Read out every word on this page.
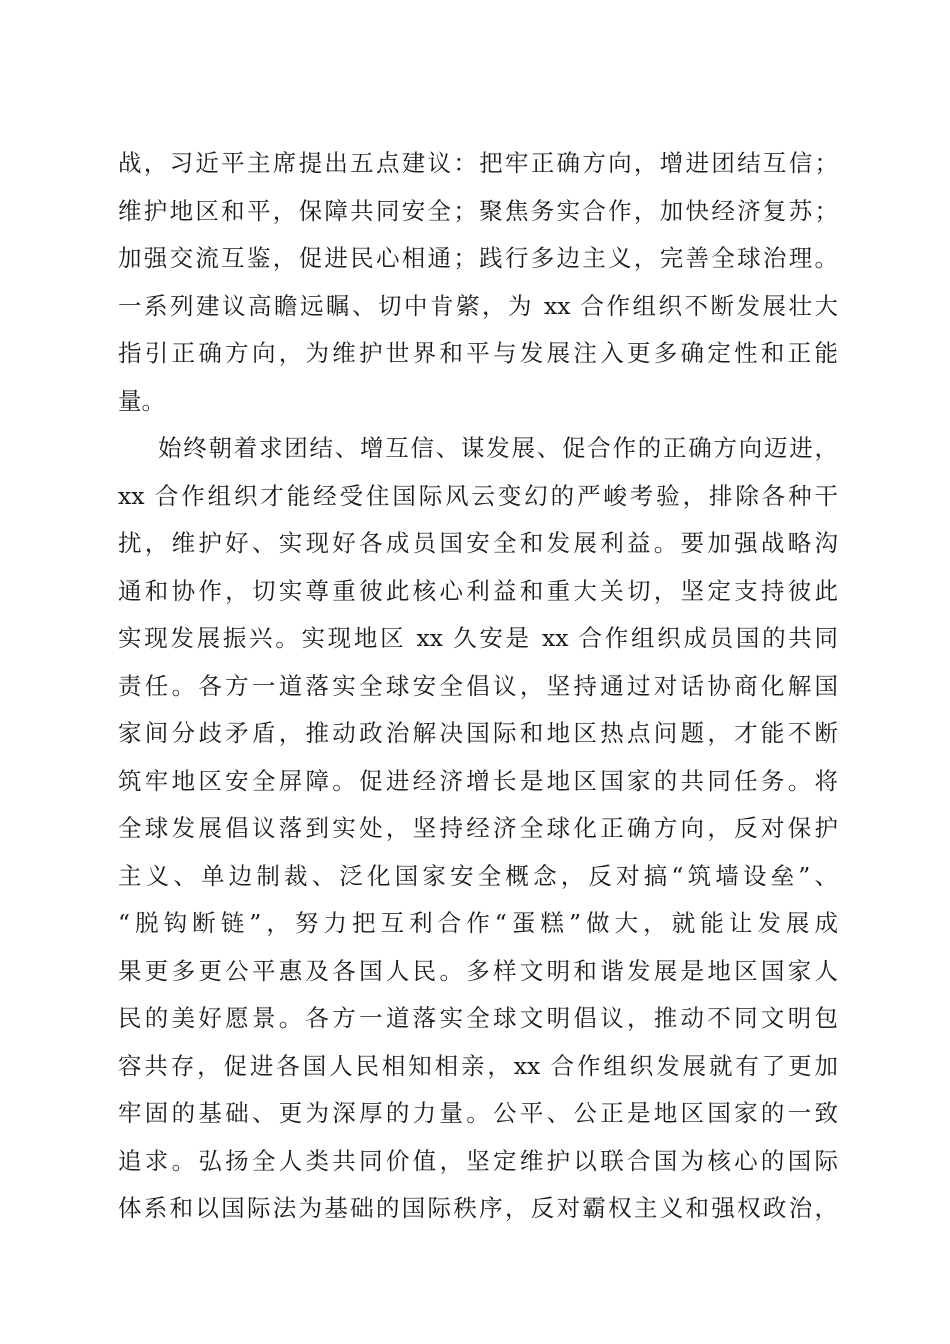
战，习近平主席提出五点建议：把牢正确方向，增进团结互信；
维护地区和平，保障共同安全；聚焦务实合作，加快经济复苏；
加强交流互鉴，促进民心相通；践行多边主义，完善全球治理。
一系列建议高瞻远瞩、切中肯綮，为 xx 合作组织不断发展壮大
指引正确方向，为维护世界和平与发展注入更多确定性和正能
量。
始终朝着求团结、增互信、谋发展、促合作的正确方向迈进，
xx 合作组织才能经受住国际风云变幻的严峻考验，排除各种干
扰，维护好、实现好各成员国安全和发展利益。要加强战略沟
通和协作，切实尊重彼此核心利益和重大关切，坚定支持彼此
实现发展振兴。实现地区 xx 久安是 xx 合作组织成员国的共同
责任。各方一道落实全球安全倡议，坚持通过对话协商化解国
家间分歧矛盾，推动政治解决国际和地区热点问题，才能不断
筑牢地区安全屏障。促进经济增长是地区国家的共同任务。将
全球发展倡议落到实处，坚持经济全球化正确方向，反对保护
主义、单边制裁、泛化国家安全概念，反对搞“筑墙设垒”、
“脱钩断链”，努力把互利合作“蛋糕”做大，就能让发展成
果更多更公平惠及各国人民。多样文明和谐发展是地区国家人
民的美好愿景。各方一道落实全球文明倡议，推动不同文明包
容共存，促进各国人民相知相亲，xx 合作组织发展就有了更加
牢固的基础、更为深厚的力量。公平、公正是地区国家的一致
追求。弘扬全人类共同价值，坚定维护以联合国为核心的国际
体系和以国际法为基础的国际秩序，反对霸权主义和强权政治，
